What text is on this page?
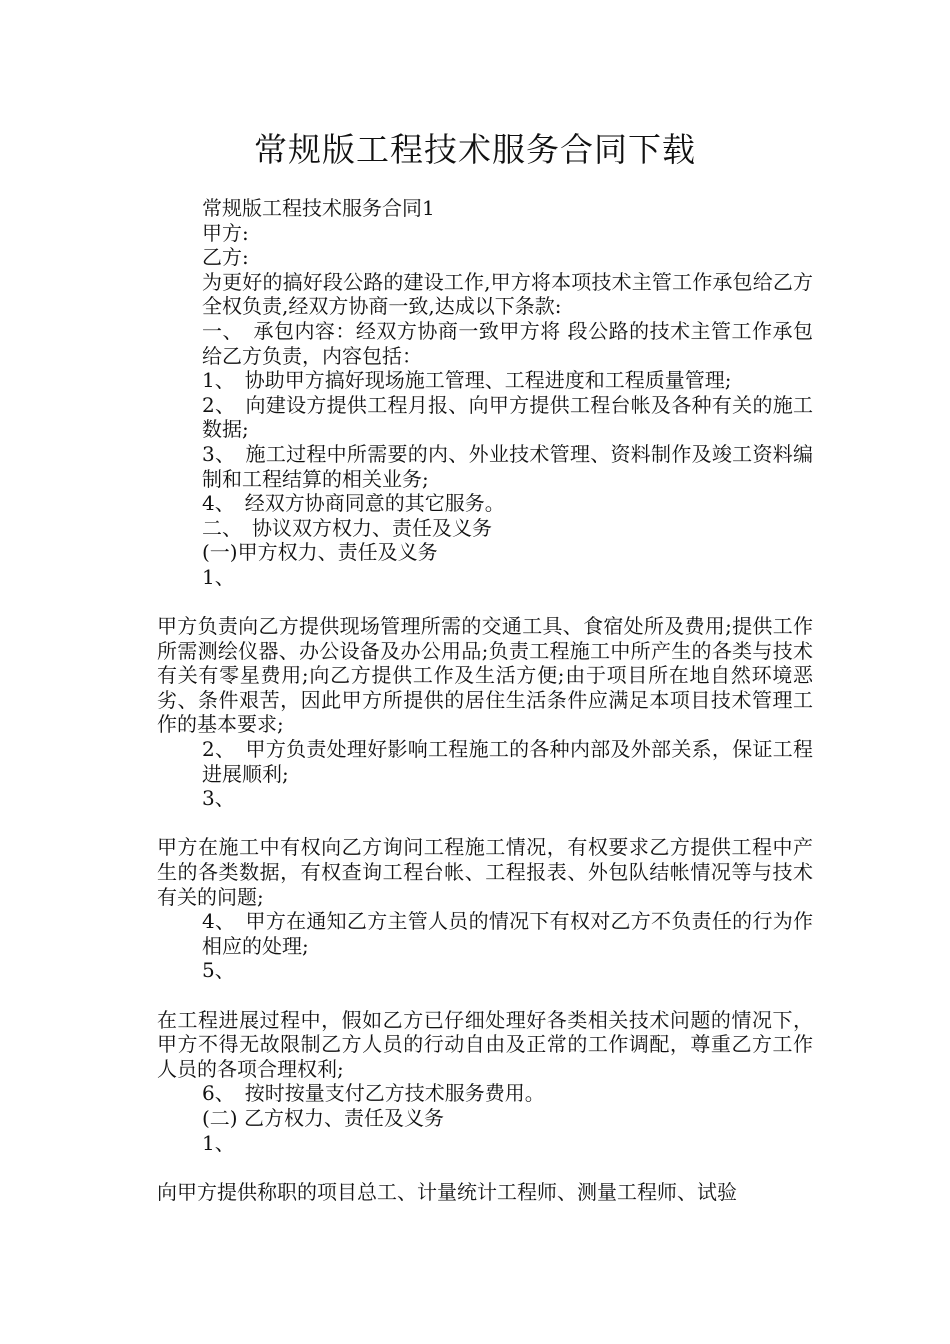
常规版工程技术服务合同下载

常规版工程技术服务合同1

甲方:

乙方:

为更好的搞好段公路的建设工作,甲方将本项技术主管工作承包给乙方全权负责,经双方协商一致,达成以下条款:

一、　承包内容：经双方协商一致甲方将 段公路的技术主管工作承包给乙方负责，内容包括：

1、　协助甲方搞好现场施工管理、工程进度和工程质量管理;

2、　向建设方提供工程月报、向甲方提供工程台帐及各种有关的施工数据;

3、　施工过程中所需要的内、外业技术管理、资料制作及竣工资料编制和工程结算的相关业务;

4、　经双方协商同意的其它服务。

二、　协议双方权力、责任及义务

(一)甲方权力、责任及义务

1、

甲方负责向乙方提供现场管理所需的交通工具、食宿处所及费用;提供工作所需测绘仪器、办公设备及办公用品;负责工程施工中所产生的各类与技术有关有零星费用;向乙方提供工作及生活方便;由于项目所在地自然环境恶劣、条件艰苦，因此甲方所提供的居住生活条件应满足本项目技术管理工作的基本要求;

2、　甲方负责处理好影响工程施工的各种内部及外部关系，保证工程进展顺利;

3、

甲方在施工中有权向乙方询问工程施工情况，有权要求乙方提供工程中产生的各类数据，有权查询工程台帐、工程报表、外包队结帐情况等与技术有关的问题;

4、　甲方在通知乙方主管人员的情况下有权对乙方不负责任的行为作相应的处理;

5、

在工程进展过程中，假如乙方已仔细处理好各类相关技术问题的情况下，甲方不得无故限制乙方人员的行动自由及正常的工作调配，尊重乙方工作人员的各项合理权利;

6、　按时按量支付乙方技术服务费用。

(二) 乙方权力、责任及义务

1、

向甲方提供称职的项目总工、计量统计工程师、测量工程师、试验
